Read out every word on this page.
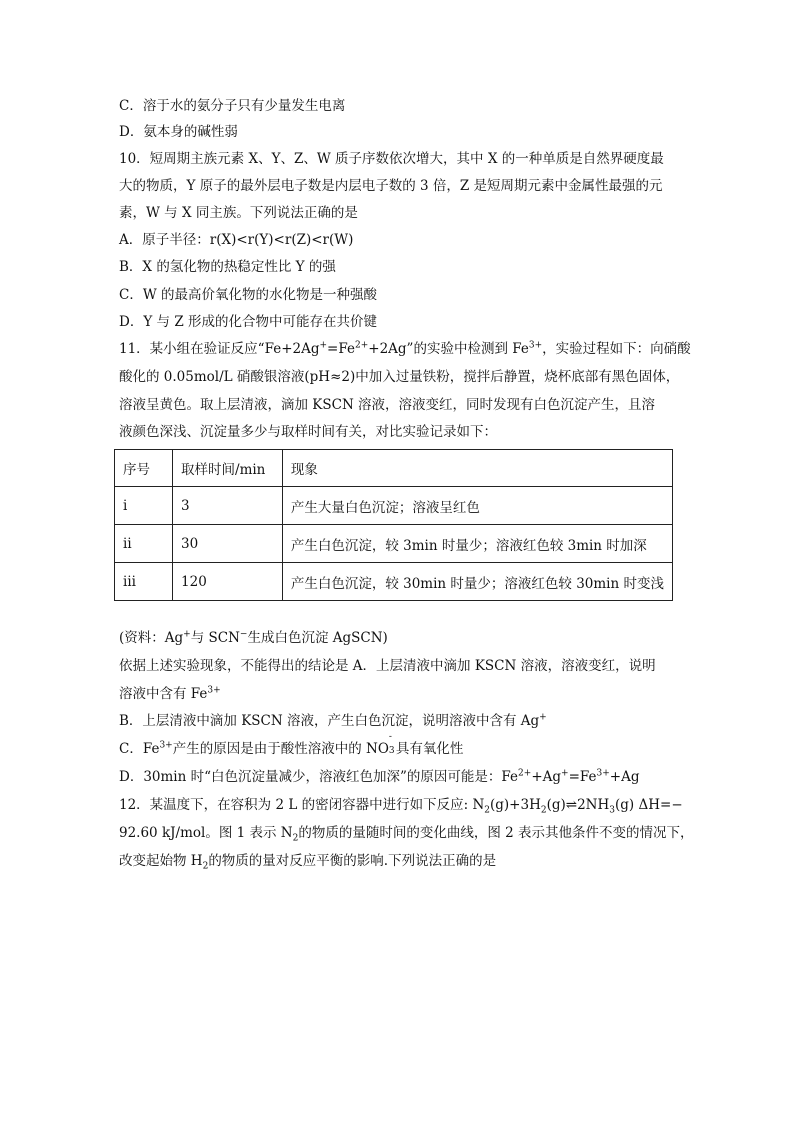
C．溶于水的氨分子只有少量发生电离
D．氨本身的碱性弱
10．短周期主族元素 X、Y、Z、W 质子序数依次增大，其中 X 的一种单质是自然界硬度最
大的物质，Y 原子的最外层电子数是内层电子数的 3 倍，Z 是短周期元素中金属性最强的元
素，W 与 X 同主族。下列说法正确的是
A．原子半径：r(X)<r(Y)<r(Z)<r(W)
B．X 的氢化物的热稳定性比 Y 的强
C．W 的最高价氧化物的水化物是一种强酸
D．Y 与 Z 形成的化合物中可能存在共价键
11．某小组在验证反应“$Fe+2Ag^+=Fe^{2+}+2Ag$”的实验中检测到 $Fe^{3+}$，实验过程如下：向硝酸
酸化的 0.05mol/L 硝酸银溶液(pH≈2)中加入过量铁粉，搅拌后静置，烧杯底部有黑色固体，
溶液呈黄色。取上层清液，滴加 KSCN 溶液，溶液变红，同时发现有白色沉淀产生，且溶
液颜色深浅、沉淀量多少与取样时间有关，对比实验记录如下：
序号	取样时间/min	现象
ⅰ	3	产生大量白色沉淀；溶液呈红色
ⅱ	30	产生白色沉淀，较 3min 时量少；溶液红色较 3min 时加深
ⅲ	120	产生白色沉淀，较 30min 时量少；溶液红色较 30min 时变浅
(资料：Ag+与 SCN−生成白色沉淀 AgSCN)
依据上述实验现象，不能得出的结论是 A．上层清液中滴加 KSCN 溶液，溶液变红，说明
溶液中含有 $Fe^{3+}$
B．上层清液中滴加 KSCN 溶液，产生白色沉淀，说明溶液中含有 Ag+
C．$Fe^{3+}$产生的原因是由于酸性溶液中的 NO
-
3 具有氧化性
D．30min 时“白色沉淀量减少，溶液红色加深”的原因可能是：$Fe^{2+}+Ag^+=Fe^{3+}+Ag$
12．某温度下，在容积为 2 L 的密闭容器中进行如下反应: $N_2(g)+3H_2(g)\rightleftharpoons 2NH_3(g)$ ΔH=−
92.60 kJ/mol。图 1 表示 $N_2$的物质的量随时间的变化曲线，图 2 表示其他条件不变的情况下，
改变起始物 $H_2$的物质的量对反应平衡的影响.下列说法正确的是
